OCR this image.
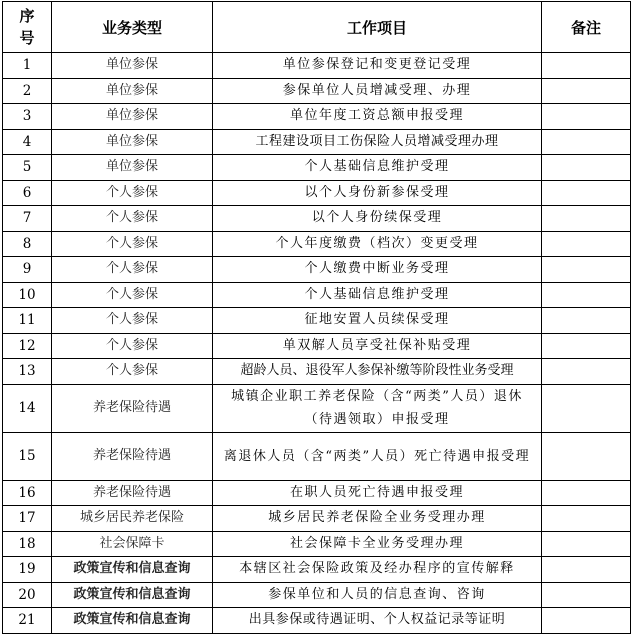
序
号	业务类型	工作项目	备注
1	单位参保	单位参保登记和变更登记受理	
2	单位参保	参保单位人员增减受理、办理	
3	单位参保	单位年度工资总额申报受理	
4	单位参保	工程建设项目工伤保险人员增减受理办理	
5	单位参保	个人基础信息维护受理	
6	个人参保	以个人身份新参保受理	
7	个人参保	以个人身份续保受理	
8	个人参保	个人年度缴费（档次）变更受理	
9	个人参保	个人缴费中断业务受理	
10	个人参保	个人基础信息维护受理	
11	个人参保	征地安置人员续保受理	
12	个人参保	单双解人员享受社保补贴受理	
13	个人参保	超龄人员、退役军人参保补缴等阶段性业务受理	
14	养老保险待遇	城镇企业职工养老保险（含“两类”人员）退休（待遇领取）申报受理	
15	养老保险待遇	离退休人员（含“两类”人员）死亡待遇申报受理	
16	养老保险待遇	在职人员死亡待遇申报受理	
17	城乡居民养老保险	城乡居民养老保险全业务受理办理	
18	社会保障卡	社会保障卡全业务受理办理	
19	政策宣传和信息查询	本辖区社会保险政策及经办程序的宣传解释	
20	政策宣传和信息查询	参保单位和人员的信息查询、咨询	
21	政策宣传和信息查询	出具参保或待遇证明、个人权益记录等证明	
